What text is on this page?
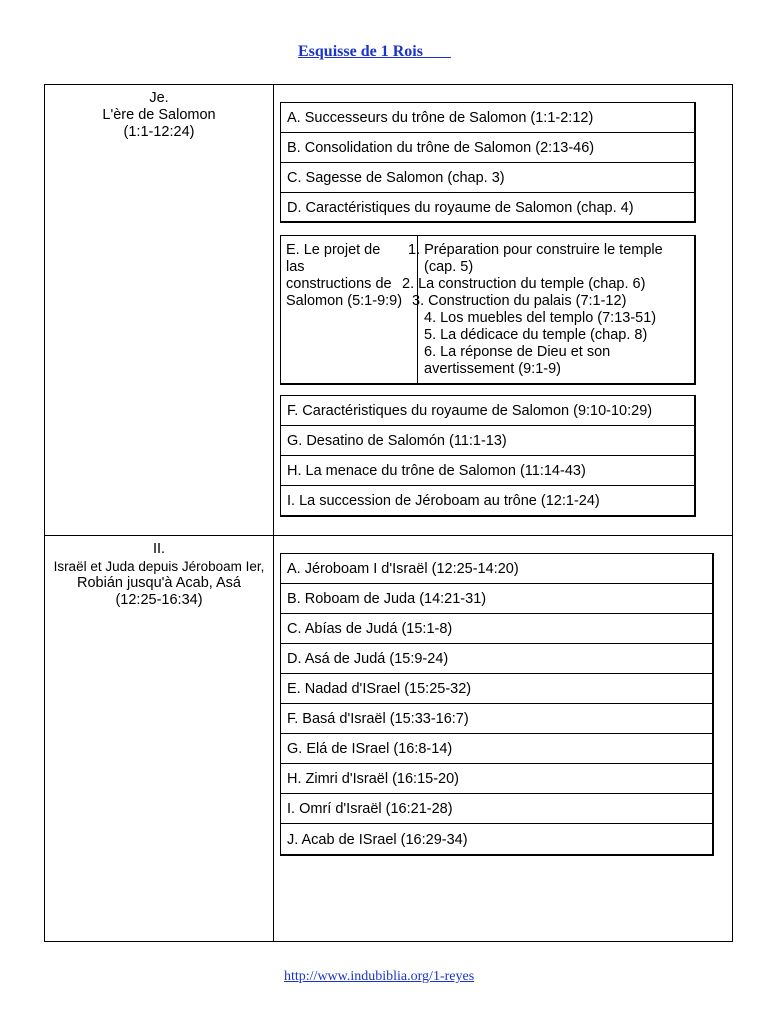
Esquisse de 1 Rois
Je.
L'ère de Salomon
(1:1-12:24)
A. Successeurs du trône de Salomon (1:1-2:12)
B. Consolidation du trône de Salomon (2:13-46)
C. Sagesse de Salomon (chap. 3)
D. Caractéristiques du royaume de Salomon (chap. 4)
E. Le projet de
las
constructions de
Salomon (5:1-9:9)
1. Préparation pour construire le temple
(cap. 5)
2. La construction du temple (chap. 6)
3. Construction du palais (7:1-12)
4. Los muebles del templo (7:13-51)
5. La dédicace du temple (chap. 8)
6. La réponse de Dieu et son
avertissement (9:1-9)
F. Caractéristiques du royaume de Salomon (9:10-10:29)
G. Desatino de Salomón (11:1-13)
H. La menace du trône de Salomon (11:14-43)
I. La succession de Jéroboam au trône (12:1-24)
II.
Israël et Juda depuis Jéroboam Ier,
Robián jusqu'à Acab, Asá
(12:25-16:34)
A. Jéroboam I d'Israël (12:25-14:20)
B. Roboam de Juda (14:21-31)
C. Abías de Judá (15:1-8)
D. Asá de Judá (15:9-24)
E. Nadad d'ISrael (15:25-32)
F. Basá d'Israël (15:33-16:7)
G. Elá de ISrael (16:8-14)
H. Zimri d'Israël (16:15-20)
I. Omrí d'Israël (16:21-28)
J. Acab de ISrael (16:29-34)
http://www.indubiblia.org/1-reyes
